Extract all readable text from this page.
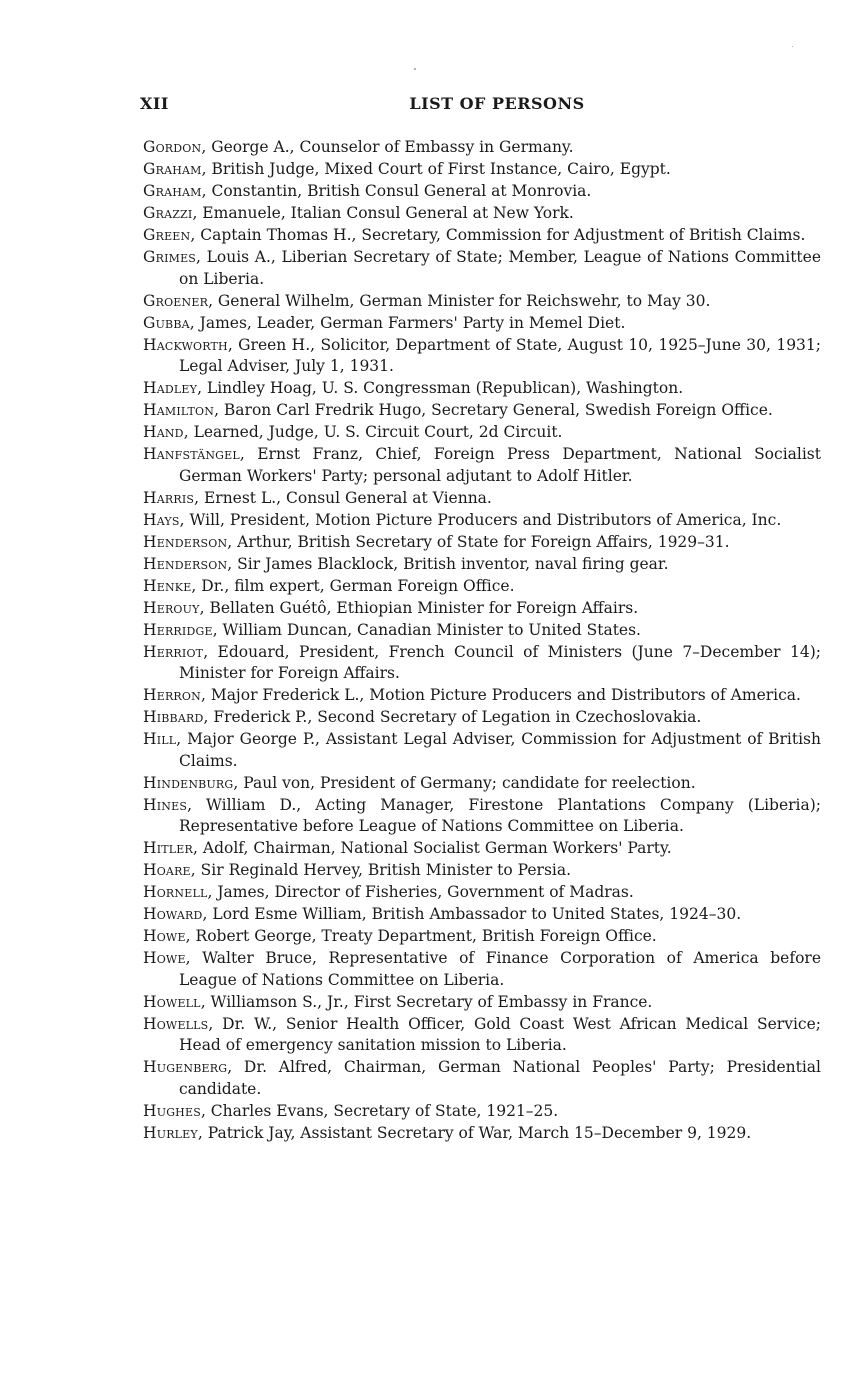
XII	LIST OF PERSONS

Gordon, George A., Counselor of Embassy in Germany.

Graham, British Judge, Mixed Court of First Instance, Cairo, Egypt.

Graham, Constantin, British Consul General at Monrovia.

Grazzi, Emanuele, Italian Consul General at New York.

Green, Captain Thomas H., Secretary, Commission for Adjustment of British Claims.

Grimes, Louis A., Liberian Secretary of State; Member, League of Nations Committee on Liberia.

Groener, General Wilhelm, German Minister for Reichswehr, to May 30.

Gubba, James, Leader, German Farmers' Party in Memel Diet.

Hackworth, Green H., Solicitor, Department of State, August 10, 1925–June 30, 1931; Legal Adviser, July 1, 1931.

Hadley, Lindley Hoag, U. S. Congressman (Republican), Washington.

Hamilton, Baron Carl Fredrik Hugo, Secretary General, Swedish Foreign Office.

Hand, Learned, Judge, U. S. Circuit Court, 2d Circuit.

Hanfstängel, Ernst Franz, Chief, Foreign Press Department, National Socialist German Workers' Party; personal adjutant to Adolf Hitler.

Harris, Ernest L., Consul General at Vienna.

Hays, Will, President, Motion Picture Producers and Distributors of America, Inc.

Henderson, Arthur, British Secretary of State for Foreign Affairs, 1929–31.

Henderson, Sir James Blacklock, British inventor, naval firing gear.

Henke, Dr., film expert, German Foreign Office.

Herouy, Bellaten Guétô, Ethiopian Minister for Foreign Affairs.

Herridge, William Duncan, Canadian Minister to United States.

Herriot, Edouard, President, French Council of Ministers (June 7–December 14); Minister for Foreign Affairs.

Herron, Major Frederick L., Motion Picture Producers and Distributors of America.

Hibbard, Frederick P., Second Secretary of Legation in Czechoslovakia.

Hill, Major George P., Assistant Legal Adviser, Commission for Adjustment of British Claims.

Hindenburg, Paul von, President of Germany; candidate for reelection.

Hines, William D., Acting Manager, Firestone Plantations Company (Liberia); Representative before League of Nations Committee on Liberia.

Hitler, Adolf, Chairman, National Socialist German Workers' Party.

Hoare, Sir Reginald Hervey, British Minister to Persia.

Hornell, James, Director of Fisheries, Government of Madras.

Howard, Lord Esme William, British Ambassador to United States, 1924–30.

Howe, Robert George, Treaty Department, British Foreign Office.

Howe, Walter Bruce, Representative of Finance Corporation of America before League of Nations Committee on Liberia.

Howell, Williamson S., Jr., First Secretary of Embassy in France.

Howells, Dr. W., Senior Health Officer, Gold Coast West African Medical Service; Head of emergency sanitation mission to Liberia.

Hugenberg, Dr. Alfred, Chairman, German National Peoples' Party; Presidential candidate.

Hughes, Charles Evans, Secretary of State, 1921–25.

Hurley, Patrick Jay, Assistant Secretary of War, March 15–December 9, 1929.
